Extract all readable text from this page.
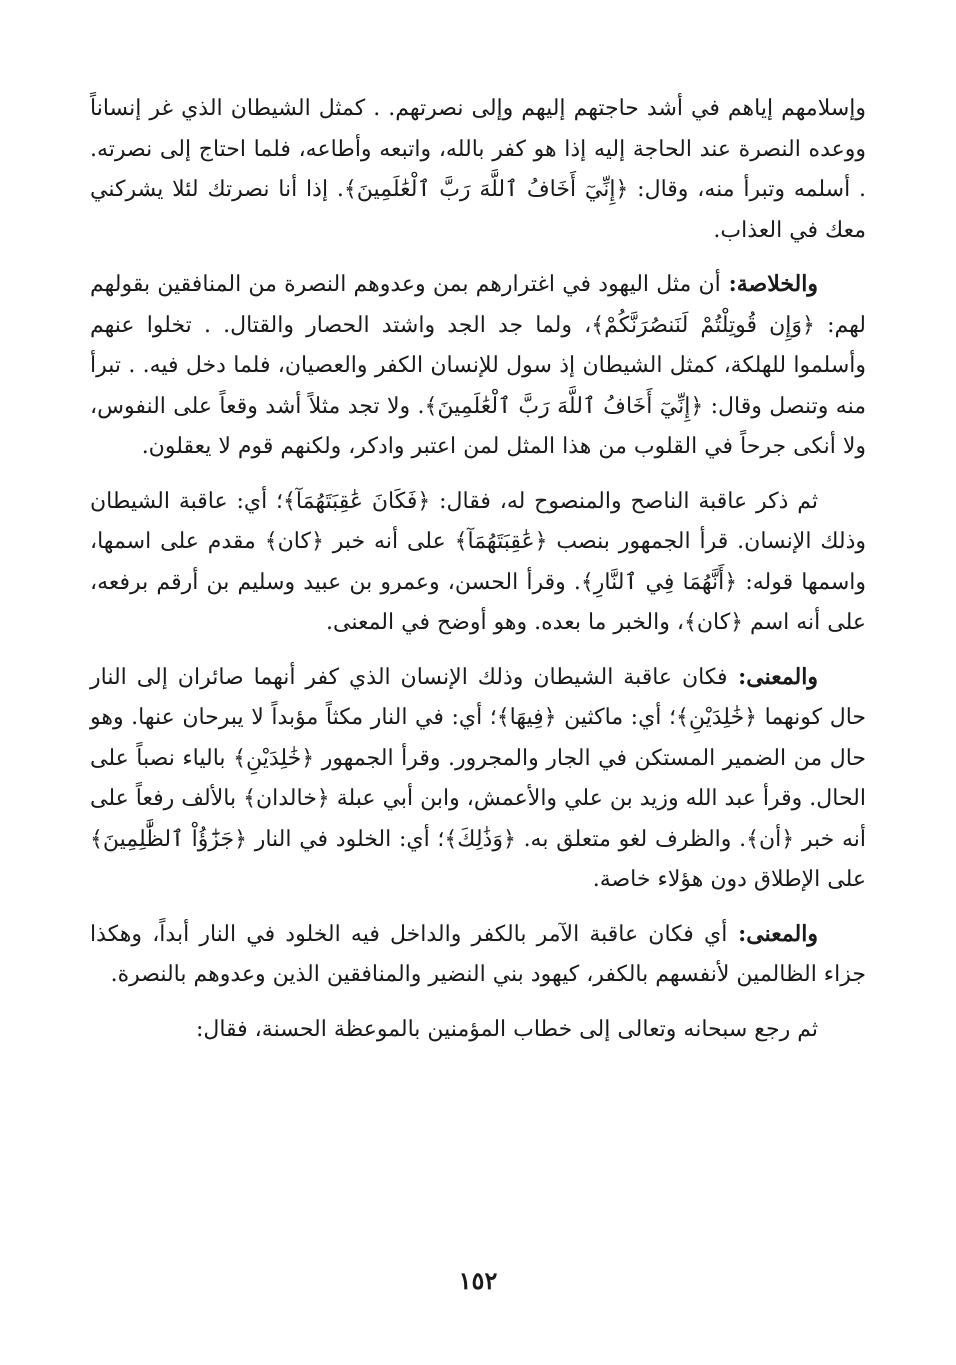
وإسلامهم إياهم في أشد حاجتهم إليهم وإلى نصرتهم. . كمثل الشيطان الذي غر إنساناً ووعده النصرة عند الحاجة إليه إذا هو كفر بالله، واتبعه وأطاعه، فلما احتاج إلى نصرته. . أسلمه وتبرأ منه، وقال: ﴿إِنِّيٓ أَخَافُ ٱللَّهَ رَبَّ ٱلْعَٰلَمِينَ﴾. إذا أنا نصرتك لئلا يشركني معك في العذاب.

والخلاصة: أن مثل اليهود في اغترارهم بمن وعدوهم النصرة من المنافقين بقولهم لهم: ﴿وَإِن قُوتِلْتُمْ لَنَنصُرَنَّكُمْ﴾، ولما جد الجد واشتد الحصار والقتال. . تخلوا عنهم وأسلموا للهلكة، كمثل الشيطان إذ سول للإنسان الكفر والعصيان، فلما دخل فيه. . تبرأ منه وتنصل وقال: ﴿إِنِّيٓ أَخَافُ ٱللَّهَ رَبَّ ٱلْعَٰلَمِينَ﴾. ولا تجد مثلاً أشد وقعاً على النفوس، ولا أنكى جرحاً في القلوب من هذا المثل لمن اعتبر وادكر، ولكنهم قوم لا يعقلون.

ثم ذكر عاقبة الناصح والمنصوح له، فقال: ﴿فَكَانَ عَٰقِبَتَهُمَآ﴾؛ أي: عاقبة الشيطان وذلك الإنسان. قرأ الجمهور بنصب ﴿عَٰقِبَتَهُمَآ﴾ على أنه خبر ﴿كان﴾ مقدم على اسمها، واسمها قوله: ﴿أَنَّهُمَا فِي ٱلنَّارِ﴾. وقرأ الحسن، وعمرو بن عبيد وسليم بن أرقم برفعه، على أنه اسم ﴿كان﴾، والخبر ما بعده. وهو أوضح في المعنى.

والمعنى: فكان عاقبة الشيطان وذلك الإنسان الذي كفر أنهما صائران إلى النار حال كونهما ﴿خَٰلِدَيْنِ﴾؛ أي: ماكثين ﴿فِيهَا﴾؛ أي: في النار مكثاً مؤبداً لا يبرحان عنها. وهو حال من الضمير المستكن في الجار والمجرور. وقرأ الجمهور ﴿خَٰلِدَيْنِ﴾ بالياء نصباً على الحال. وقرأ عبد الله وزيد بن علي والأعمش، وابن أبي عبلة ﴿خالدان﴾ بالألف رفعاً على أنه خبر ﴿أن﴾. والظرف لغو متعلق به. ﴿وَذَٰلِكَ﴾؛ أي: الخلود في النار ﴿جَزَٰٓؤُاْ ٱلظَّٰلِمِينَ﴾ على الإطلاق دون هؤلاء خاصة.

والمعنى: أي فكان عاقبة الآمر بالكفر والداخل فيه الخلود في النار أبداً، وهكذا جزاء الظالمين لأنفسهم بالكفر، كيهود بني النضير والمنافقين الذين وعدوهم بالنصرة.

ثم رجع سبحانه وتعالى إلى خطاب المؤمنين بالموعظة الحسنة، فقال:

١٥٢
